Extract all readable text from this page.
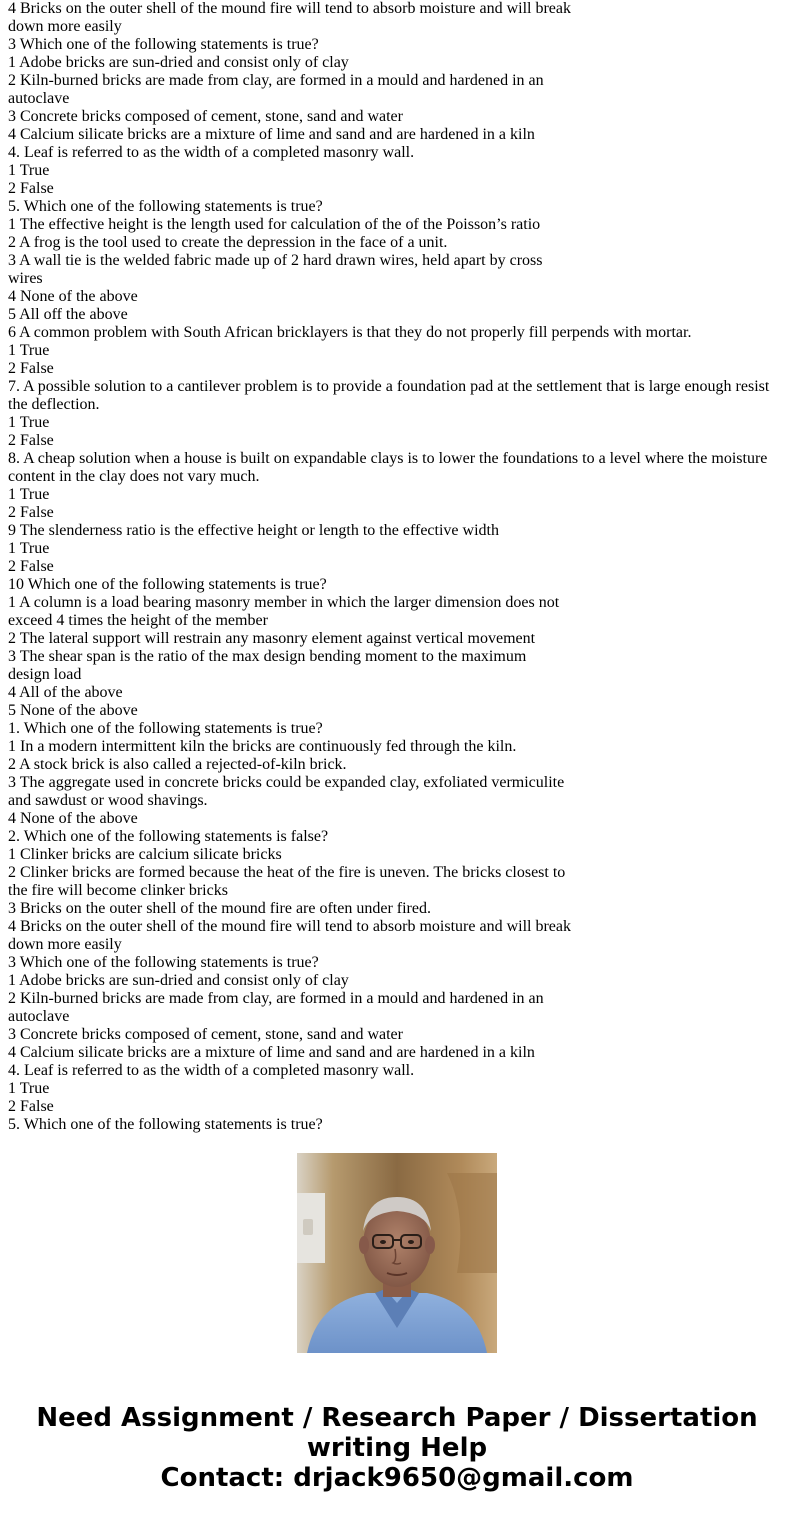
4 Bricks on the outer shell of the mound fire will tend to absorb moisture and will break
down more easily
3 Which one of the following statements is true?
1 Adobe bricks are sun-dried and consist only of clay
2 Kiln-burned bricks are made from clay, are formed in a mould and hardened in an
autoclave
3 Concrete bricks composed of cement, stone, sand and water
4 Calcium silicate bricks are a mixture of lime and sand and are hardened in a kiln
4. Leaf is referred to as the width of a completed masonry wall.
1 True
2 False
5. Which one of the following statements is true?
1 The effective height is the length used for calculation of the of the Poisson’s ratio
2 A frog is the tool used to create the depression in the face of a unit.
3 A wall tie is the welded fabric made up of 2 hard drawn wires, held apart by cross
wires
4 None of the above
5 All off the above
6 A common problem with South African bricklayers is that they do not properly fill perpends with mortar.
1 True
2 False
7. A possible solution to a cantilever problem is to provide a foundation pad at the settlement that is large enough resist
the deflection.
1 True
2 False
8. A cheap solution when a house is built on expandable clays is to lower the foundations to a level where the moisture
content in the clay does not vary much.
1 True
2 False
9 The slenderness ratio is the effective height or length to the effective width
1 True
2 False
10 Which one of the following statements is true?
1 A column is a load bearing masonry member in which the larger dimension does not
exceed 4 times the height of the member
2 The lateral support will restrain any masonry element against vertical movement
3 The shear span is the ratio of the max design bending moment to the maximum
design load
4 All of the above
5 None of the above
1. Which one of the following statements is true?
1 In a modern intermittent kiln the bricks are continuously fed through the kiln.
2 A stock brick is also called a rejected-of-kiln brick.
3 The aggregate used in concrete bricks could be expanded clay, exfoliated vermiculite
and sawdust or wood shavings.
4 None of the above
2. Which one of the following statements is false?
1 Clinker bricks are calcium silicate bricks
2 Clinker bricks are formed because the heat of the fire is uneven. The bricks closest to
the fire will become clinker bricks
3 Bricks on the outer shell of the mound fire are often under fired.
4 Bricks on the outer shell of the mound fire will tend to absorb moisture and will break
down more easily
3 Which one of the following statements is true?
1 Adobe bricks are sun-dried and consist only of clay
2 Kiln-burned bricks are made from clay, are formed in a mould and hardened in an
autoclave
3 Concrete bricks composed of cement, stone, sand and water
4 Calcium silicate bricks are a mixture of lime and sand and are hardened in a kiln
4. Leaf is referred to as the width of a completed masonry wall.
1 True
2 False
5. Which one of the following statements is true?
Need Assignment / Research Paper / Dissertation
writing Help
Contact: drjack9650@gmail.com
